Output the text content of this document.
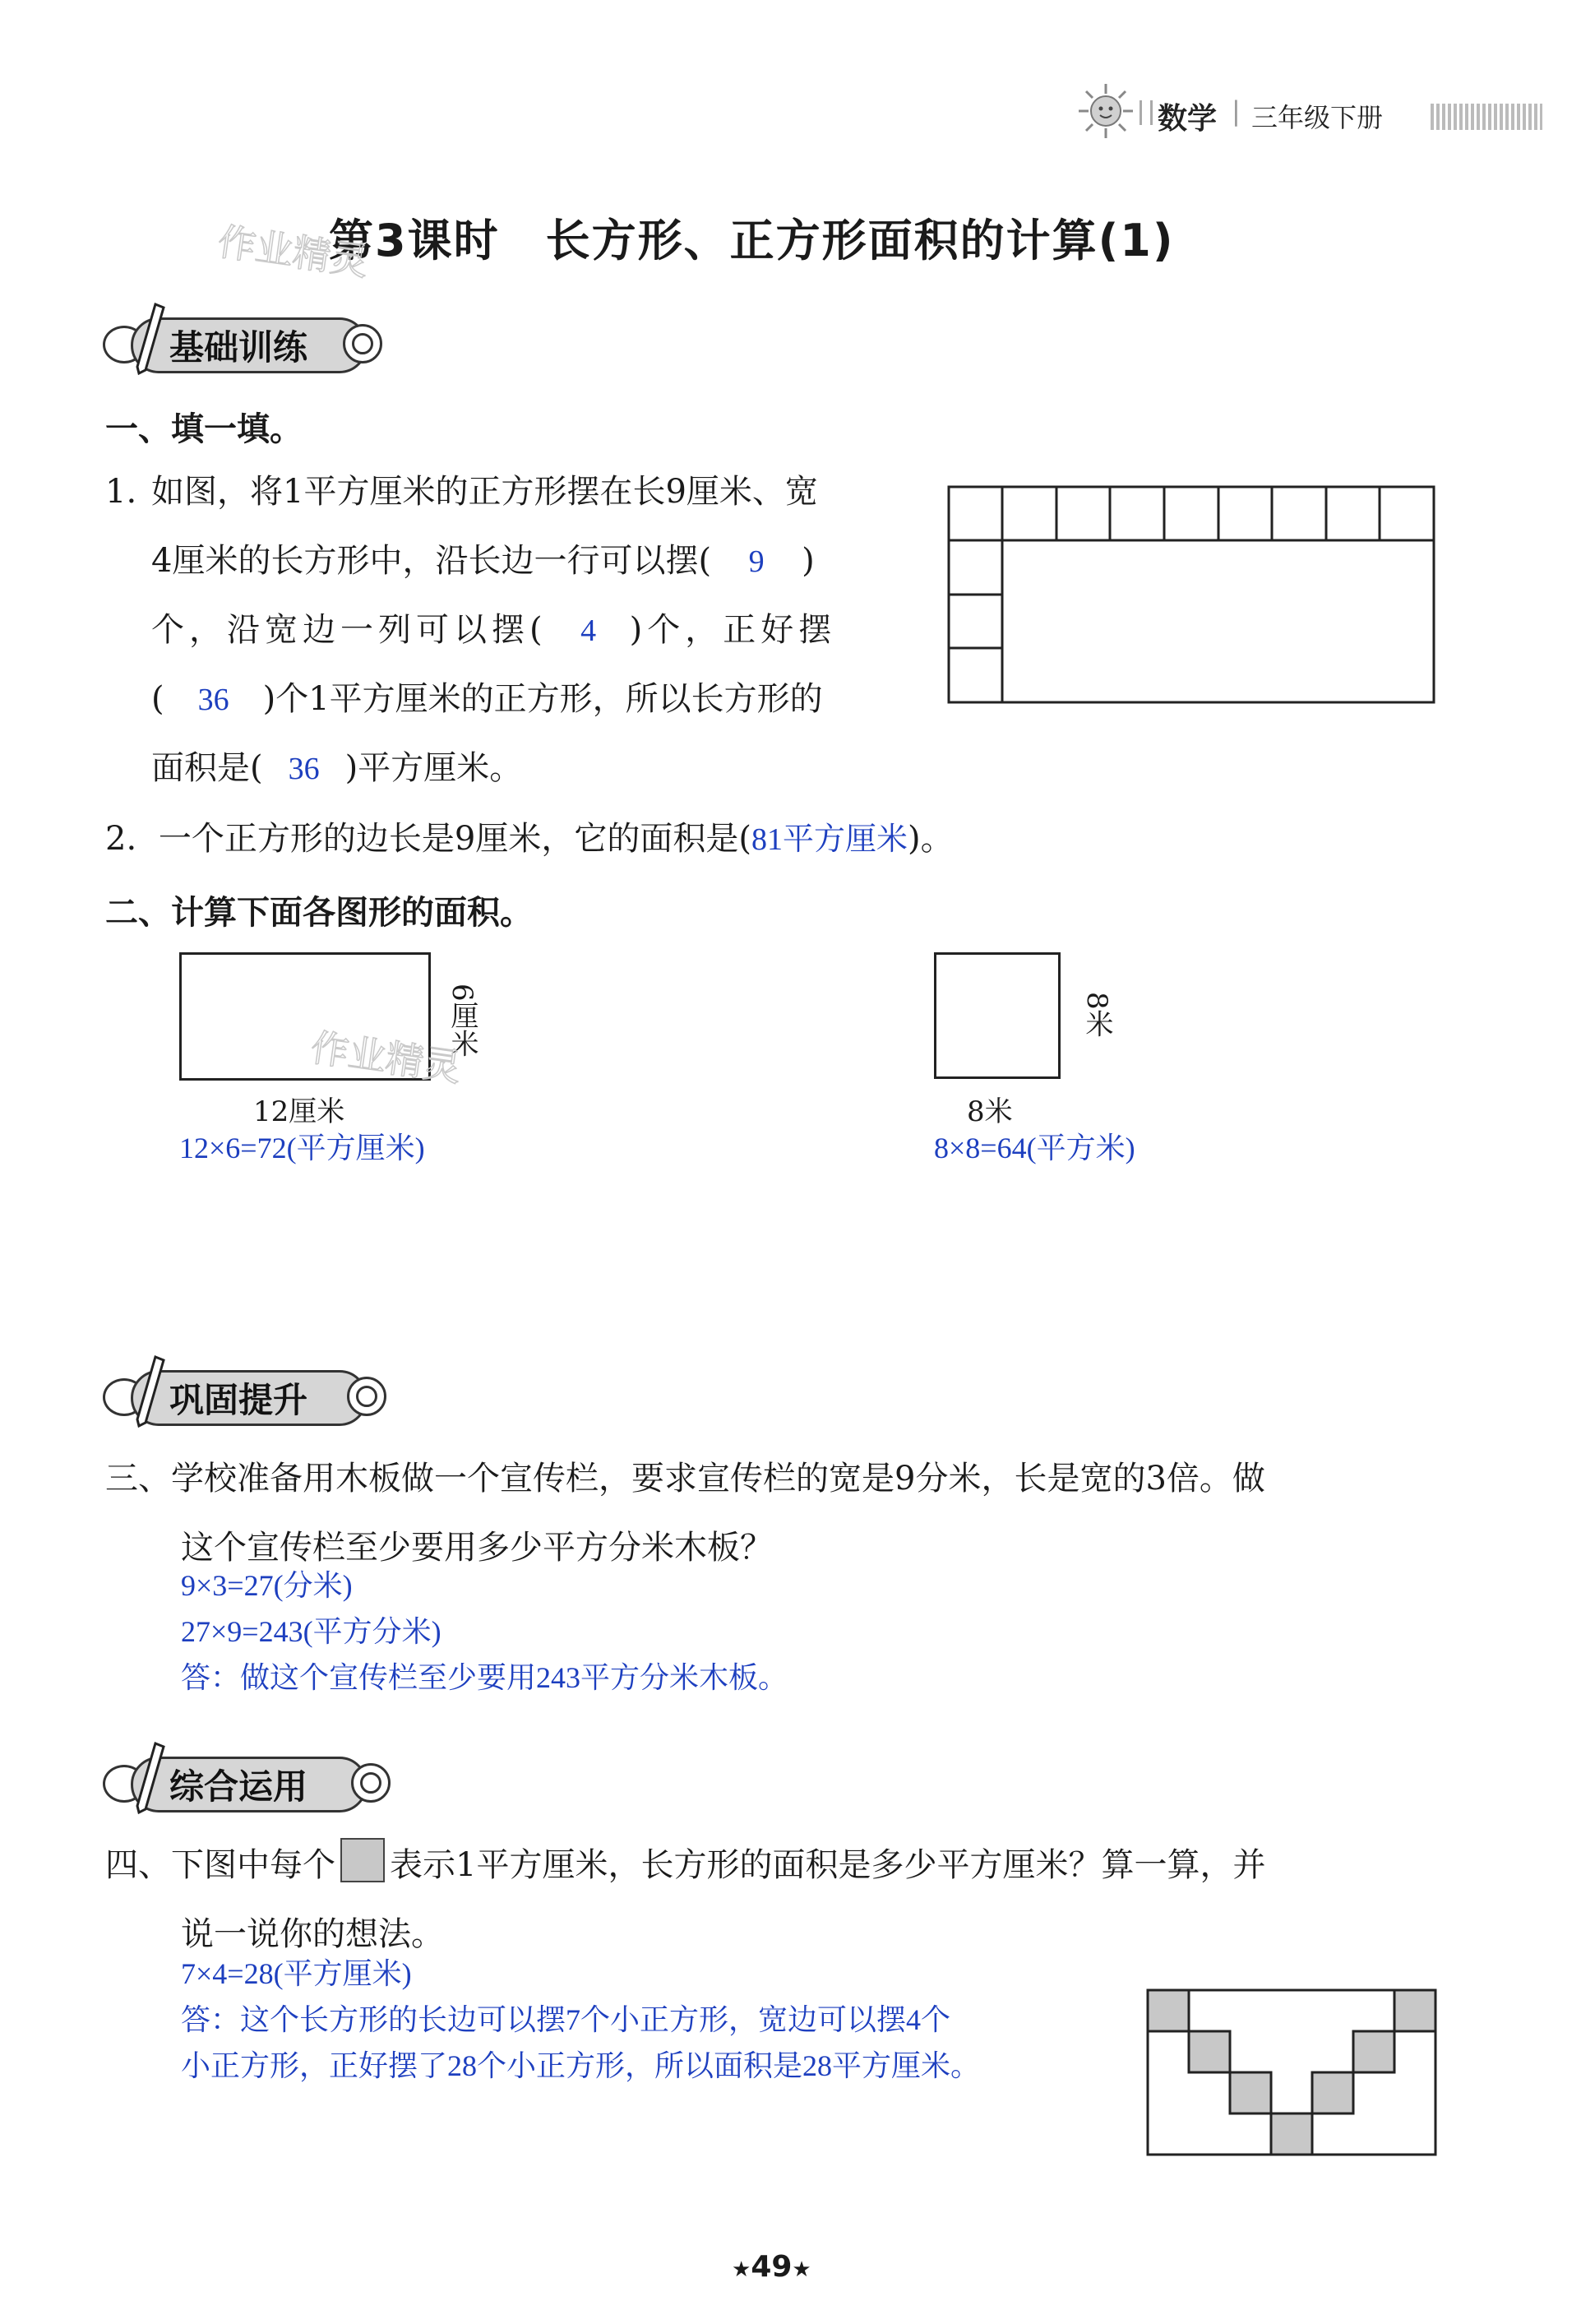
数学 | 三年级下册
第3课时　长方形、正方形面积的计算(1)
作业精灵
基础训练
一、填一填。
1. 如图，将1平方厘米的正方形摆在长9厘米、宽
4厘米的长方形中，沿长边一行可以摆( 9 )
个，沿宽边一列可以摆( 4 )个，正好摆
( 36 )个1平方厘米的正方形，所以长方形的
面积是( 36 )平方厘米。
2. 一个正方形的边长是9厘米，它的面积是(81平方厘米)。
二、计算下面各图形的面积。
6厘米
12厘米
12×6=72(平方厘米)
作业精灵
8米
8米
8×8=64(平方米)
巩固提升
三、学校准备用木板做一个宣传栏，要求宣传栏的宽是9分米，长是宽的3倍。做
这个宣传栏至少要用多少平方分米木板？
9×3=27(分米)
27×9=243(平方分米)
答：做这个宣传栏至少要用243平方分米木板。
综合运用
四、下图中每个 表示1平方厘米，长方形的面积是多少平方厘米？算一算，并
说一说你的想法。
7×4=28(平方厘米)
答：这个长方形的长边可以摆7个小正方形，宽边可以摆4个
小正方形，正好摆了28个小正方形，所以面积是28平方厘米。
★49★
